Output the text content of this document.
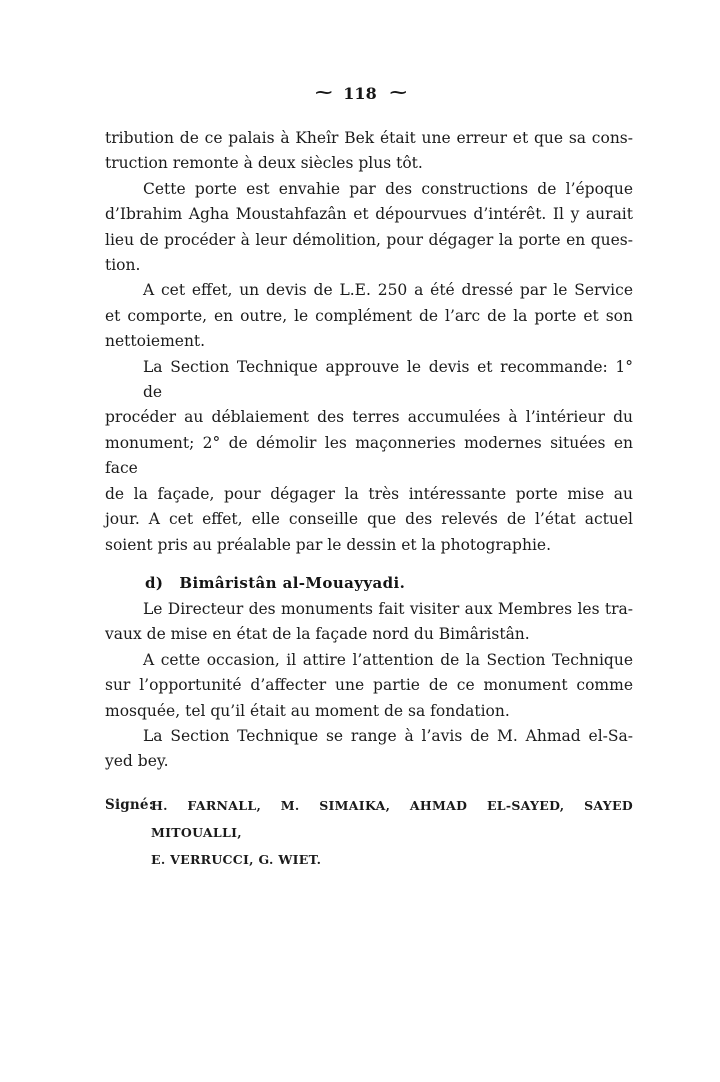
⁓ 118 ⁓
tribution de ce palais à Kheîr Bek était une erreur et que sa cons-
truction remonte à deux siècles plus tôt.
Cette porte est envahie par des constructions de l’époque
d’Ibrahim Agha Moustahfazân et dépourvues d’intérêt. Il y aurait
lieu de procéder à leur démolition, pour dégager la porte en ques-
tion.
A cet effet, un devis de L.E. 250 a été dressé par le Service
et comporte, en outre, le complément de l’arc de la porte et son
nettoiement.
La Section Technique approuve le devis et recommande: 1° de
procéder au déblaiement des terres accumulées à l’intérieur du
monument; 2° de démolir les maçonneries modernes situées en face
de la façade, pour dégager la très intéressante porte mise au
jour. A cet effet, elle conseille que des relevés de l’état actuel
soient pris au préalable par le dessin et la photographie.
d) Bimâristân al-Mouayyadi.
Le Directeur des monuments fait visiter aux Membres les tra-
vaux de mise en état de la façade nord du Bimâristân.
A cette occasion, il attire l’attention de la Section Technique
sur l’opportunité d’affecter une partie de ce monument comme
mosquée, tel qu’il était au moment de sa fondation.
La Section Technique se range à l’avis de M. Ahmad el-Sa-
yed bey.
Signé:
H. FARNALL, M. SIMAIKA, AHMAD EL-SAYED, SAYED MITOUALLI,
E. VERRUCCI, G. WIET.
